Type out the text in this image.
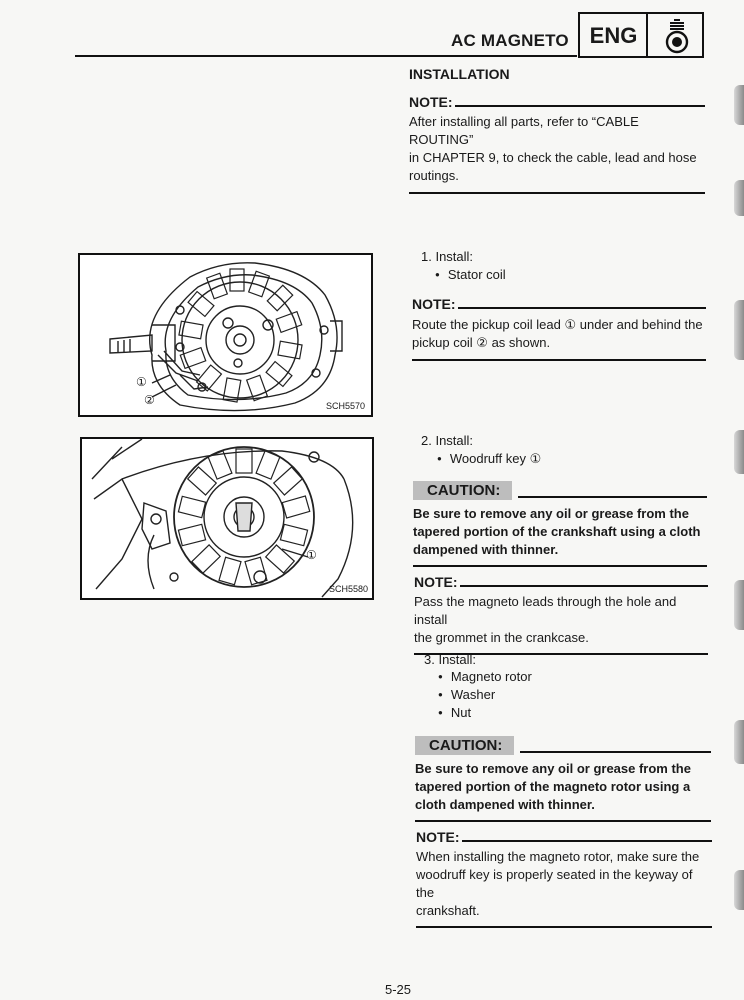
AC MAGNETO ENG
INSTALLATION
NOTE:
After installing all parts, refer to “CABLE ROUTING”
in CHAPTER 9, to check the cable, lead and hose
routings.
①
②	SCH5570
1. Install:
● Stator coil
NOTE:
Route the pickup coil lead ① under and behind the
pickup coil ② as shown.
①
SCH5580
2. Install:
● Woodruff key ①
CAUTION:
Be sure to remove any oil or grease from the
tapered portion of the crankshaft using a cloth
dampened with thinner.
NOTE:
Pass the magneto leads through the hole and install
the grommet in the crankcase.
3. Install:
● Magneto rotor
● Washer
● Nut
CAUTION:
Be sure to remove any oil or grease from the
tapered portion of the magneto rotor using a
cloth dampened with thinner.
NOTE:
When installing the magneto rotor, make sure the
woodruff key is properly seated in the keyway of the
crankshaft.
5-25
